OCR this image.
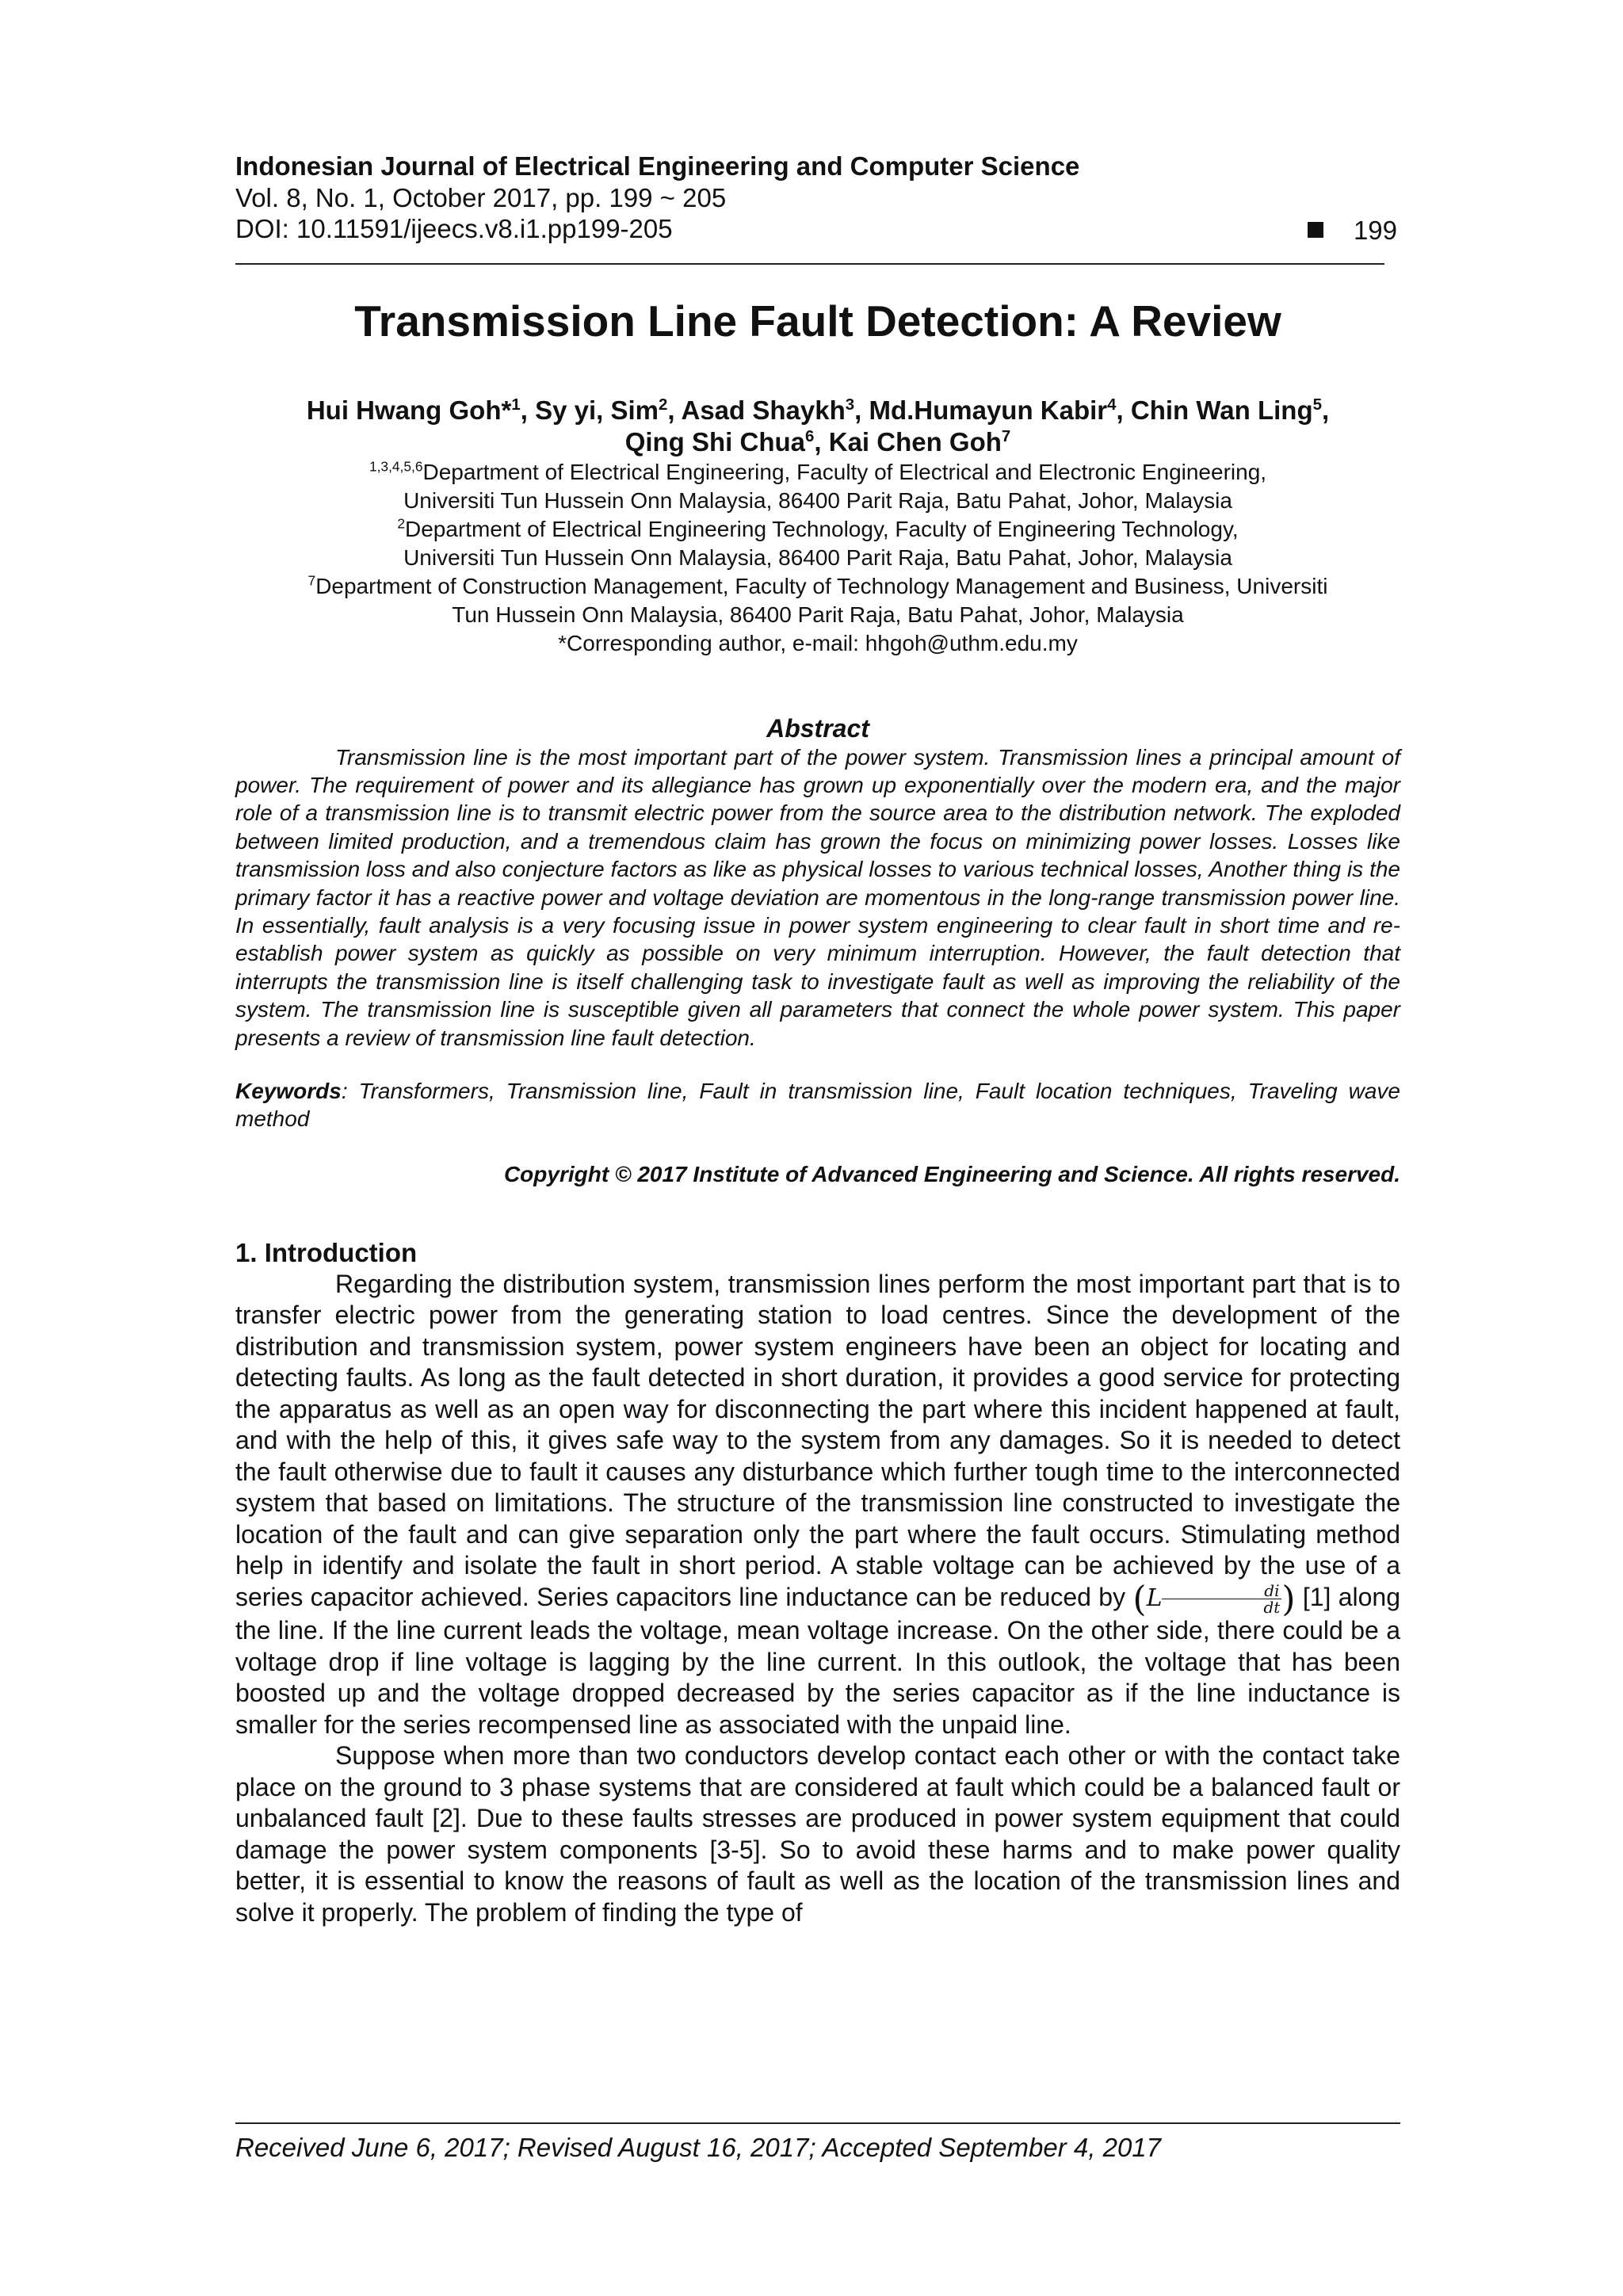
Indonesian Journal of Electrical Engineering and Computer Science
Vol. 8, No. 1, October 2017, pp. 199 ~ 205
DOI: 10.11591/ijeecs.v8.i1.pp199-205	199
Transmission Line Fault Detection: A Review
Hui Hwang Goh*$^1$, Sy yi, Sim$^2$, Asad Shaykh$^3$, Md.Humayun Kabir$^4$, Chin Wan Ling$^5$,
Qing Shi Chua$^6$, Kai Chen Goh$^7$
$^{1,3,4,5,6}$Department of Electrical Engineering, Faculty of Electrical and Electronic Engineering,
Universiti Tun Hussein Onn Malaysia, 86400 Parit Raja, Batu Pahat, Johor, Malaysia
$^2$Department of Electrical Engineering Technology, Faculty of Engineering Technology,
Universiti Tun Hussein Onn Malaysia, 86400 Parit Raja, Batu Pahat, Johor, Malaysia
$^7$Department of Construction Management, Faculty of Technology Management and Business, Universiti
Tun Hussein Onn Malaysia, 86400 Parit Raja, Batu Pahat, Johor, Malaysia
*Corresponding author, e-mail: hhgoh@uthm.edu.my
Abstract

Transmission line is the most important part of the power system. Transmission lines a principal amount of power. The requirement of power and its allegiance has grown up exponentially over the modern era, and the major role of a transmission line is to transmit electric power from the source area to the distribution network. The exploded between limited production, and a tremendous claim has grown the focus on minimizing power losses. Losses like transmission loss and also conjecture factors as like as physical losses to various technical losses, Another thing is the primary factor it has a reactive power and voltage deviation are momentous in the long-range transmission power line. In essentially, fault analysis is a very focusing issue in power system engineering to clear fault in short time and re-establish power system as quickly as possible on very minimum interruption. However, the fault detection that interrupts the transmission line is itself challenging task to investigate fault as well as improving the reliability of the system. The transmission line is susceptible given all parameters that connect the whole power system. This paper presents a review of transmission line fault detection.

Keywords: Transformers, Transmission line, Fault in transmission line, Fault location techniques, Traveling wave method

Copyright © 2017 Institute of Advanced Engineering and Science. All rights reserved.
1. Introduction

Regarding the distribution system, transmission lines perform the most important part that is to transfer electric power from the generating station to load centres. Since the development of the distribution and transmission system, power system engineers have been an object for locating and detecting faults. As long as the fault detected in short duration, it provides a good service for protecting the apparatus as well as an open way for disconnecting the part where this incident happened at fault, and with the help of this, it gives safe way to the system from any damages. So it is needed to detect the fault otherwise due to fault it causes any disturbance which further tough time to the interconnected system that based on limitations. The structure of the transmission line constructed to investigate the location of the fault and can give separation only the part where the fault occurs. Stimulating method help in identify and isolate the fault in short period. A stable voltage can be achieved by the use of a series capacitor achieved. Series capacitors line inductance can be reduced by ($L \frac{di}{dt}$ ) [1] along the line. If the line current leads the voltage, mean voltage increase. On the other side, there could be a voltage drop if line voltage is lagging by the line current. In this outlook, the voltage that has been boosted up and the voltage dropped decreased by the series capacitor as if the line inductance is smaller for the series recompensed line as associated with the unpaid line.

Suppose when more than two conductors develop contact each other or with the contact take place on the ground to 3 phase systems that are considered at fault which could be a balanced fault or unbalanced fault [2]. Due to these faults stresses are produced in power system equipment that could damage the power system components [3-5]. So to avoid these harms and to make power quality better, it is essential to know the reasons of fault as well as the location of the transmission lines and solve it properly. The problem of finding the type of

Received June 6, 2017; Revised August 16, 2017; Accepted September 4, 2017
